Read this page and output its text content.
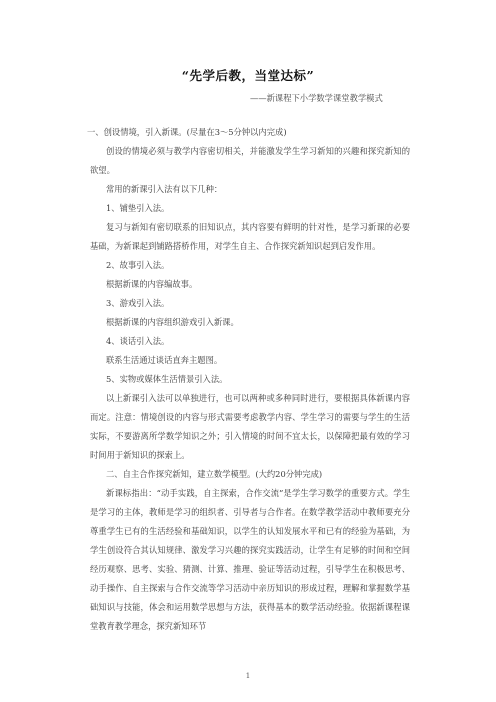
“先学后教，当堂达标”
——新课程下小学数学课堂教学模式

一、创设情境，引入新课。(尽量在3～5分钟以内完成)

创设的情境必须与教学内容密切相关，并能激发学生学习新知的兴趣和探究新知的欲望。

常用的新课引入法有以下几种：

1、铺垫引入法。

复习与新知有密切联系的旧知识点，其内容要有鲜明的针对性，是学习新课的必要基础，为新课起到铺路搭桥作用，对学生自主、合作探究新知识起到启发作用。

2、故事引入法。

根据新课的内容编故事。

3、游戏引入法。

根据新课的内容组织游戏引入新课。

4、谈话引入法。

联系生活通过谈话直奔主题图。

5、实物或媒体生活情景引入法。

以上新课引入法可以单独进行，也可以两种或多种同时进行，要根据具体新课内容而定。注意：情境创设的内容与形式需要考虑教学内容、学生学习的需要与学生的生活实际，不要游离所学数学知识之外；引入情境的时间不宜太长，以保障把最有效的学习时间用于新知识的探索上。

二、自主合作探究新知，建立数学模型。(大约20分钟完成)

新课标指出：“动手实践，自主探索，合作交流”是学生学习数学的重要方式。学生是学习的主体，教师是学习的组织者、引导者与合作者。在数学教学活动中教师要充分尊重学生已有的生活经验和基础知识，以学生的认知发展水平和已有的经验为基础，为学生创设符合其认知规律、激发学习兴趣的探究实践活动，让学生有足够的时间和空间经历观察、思考、实验、猜测、计算、推理、验证等活动过程，引导学生在积极思考、动手操作、自主探索与合作交流等学习活动中亲历知识的形成过程，理解和掌握数学基础知识与技能，体会和运用数学思想与方法，获得基本的数学活动经验。依据新课程课堂教育教学理念，探究新知环节

1
